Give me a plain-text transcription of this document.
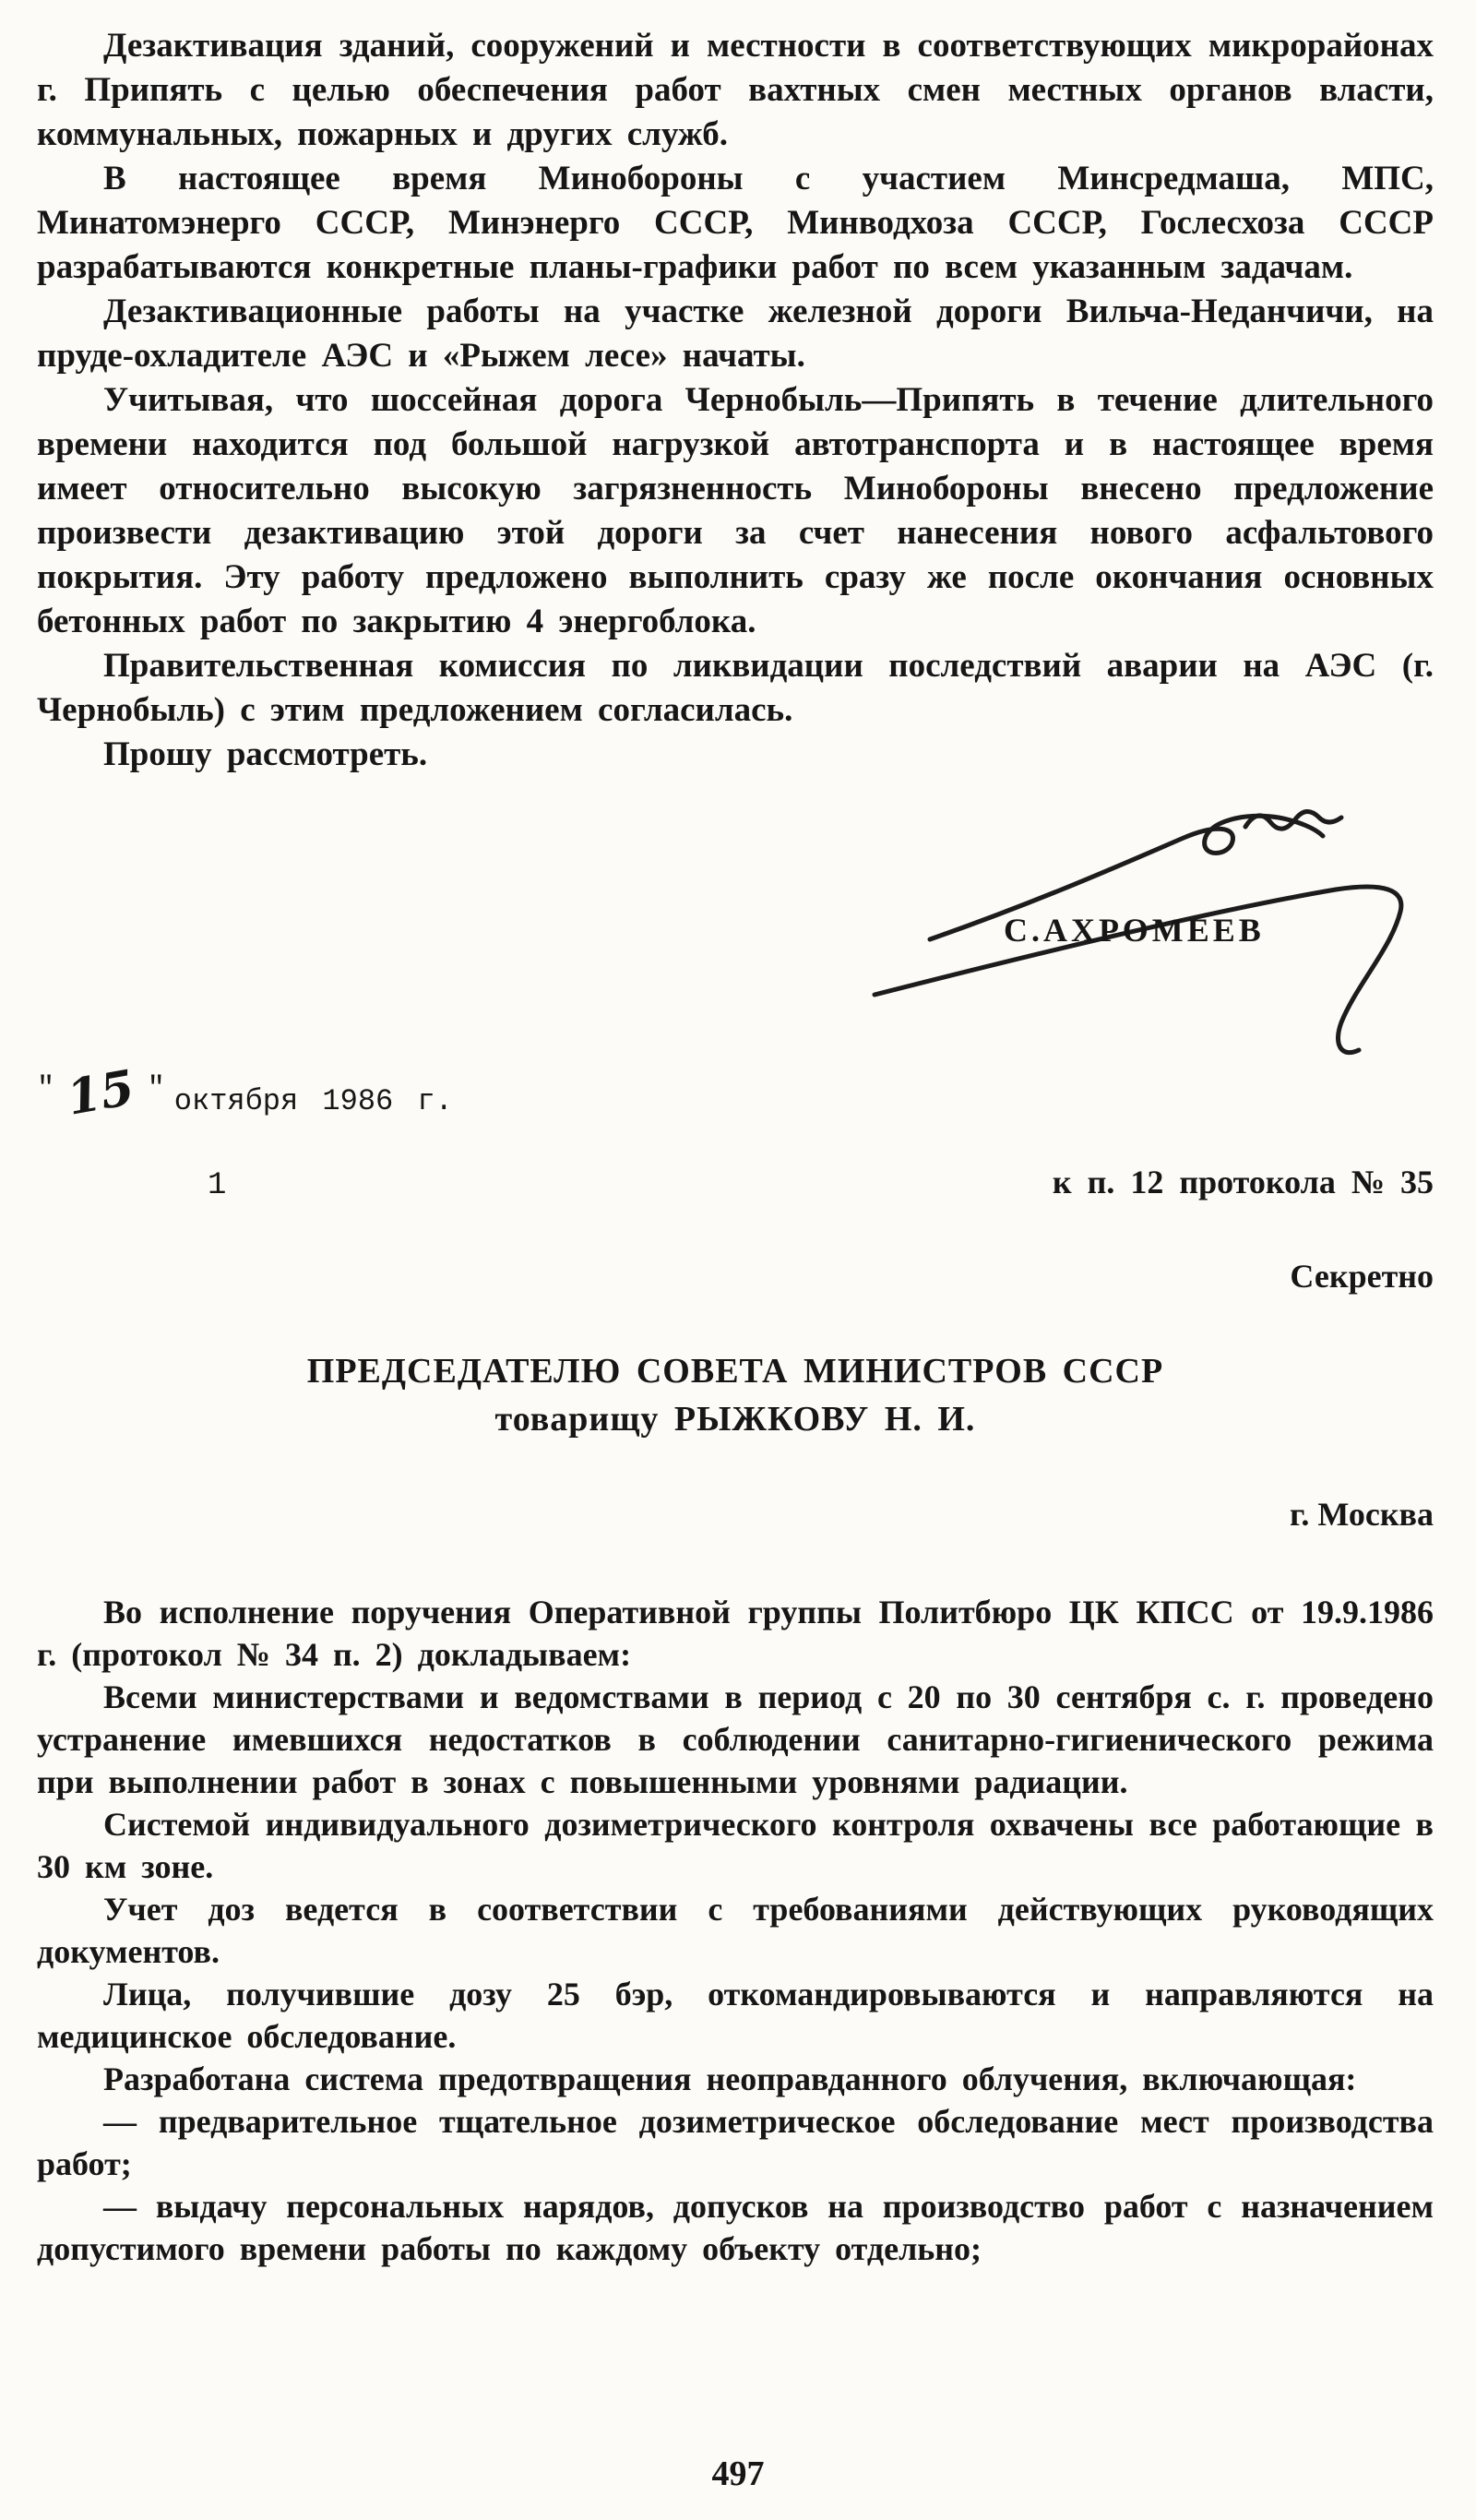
Дезактивация зданий, сооружений и местности в соответствующих микрорайонах г. Припять с целью обеспечения работ вахтных смен местных органов власти, коммунальных, пожарных и других служб.

В настоящее время Минобороны с участием Минсредмаша, МПС, Минатомэнерго СССР, Минэнерго СССР, Минводхоза СССР, Гослесхоза СССР разрабатываются конкретные планы-графики работ по всем указанным задачам.

Дезактивационные работы на участке железной дороги Вильча-Неданчичи, на пруде-охладителе АЭС и «Рыжем лесе» начаты.

Учитывая, что шоссейная дорога Чернобыль—Припять в течение длительного времени находится под большой нагрузкой автотранспорта и в настоящее время имеет относительно высокую загрязненность Минобороны внесено предложение произвести дезактивацию этой дороги за счет нанесения нового асфальтового покрытия. Эту работу предложено выполнить сразу же после окончания основных бетонных работ по закрытию 4 энергоблока.

Правительственная комиссия по ликвидации последствий аварии на АЭС (г. Чернобыль) с этим предложением согласилась.

Прошу рассмотреть.

С.АХРОМЕЕВ
" 15 " октября 1986 г.
1	к п. 12 протокола № 35
Секретно
ПРЕДСЕДАТЕЛЮ СОВЕТА МИНИСТРОВ СССР
товарищу РЫЖКОВУ Н. И.
г. Москва

Во исполнение поручения Оперативной группы Политбюро ЦК КПСС от 19.9.1986 г. (протокол № 34 п. 2) докладываем:

Всеми министерствами и ведомствами в период с 20 по 30 сентября с. г. проведено устранение имевшихся недостатков в соблюдении санитарно-гигиенического режима при выполнении работ в зонах с повышенными уровнями радиации.

Системой индивидуального дозиметрического контроля охвачены все работающие в 30 км зоне.

Учет доз ведется в соответствии с требованиями действующих руководящих документов.

Лица, получившие дозу 25 бэр, откомандировываются и направляются на медицинское обследование.

Разработана система предотвращения неоправданного облучения, включающая:

— предварительное тщательное дозиметрическое обследование мест производства работ;

— выдачу персональных нарядов, допусков на производство работ с назначением допустимого времени работы по каждому объекту отдельно;

497
